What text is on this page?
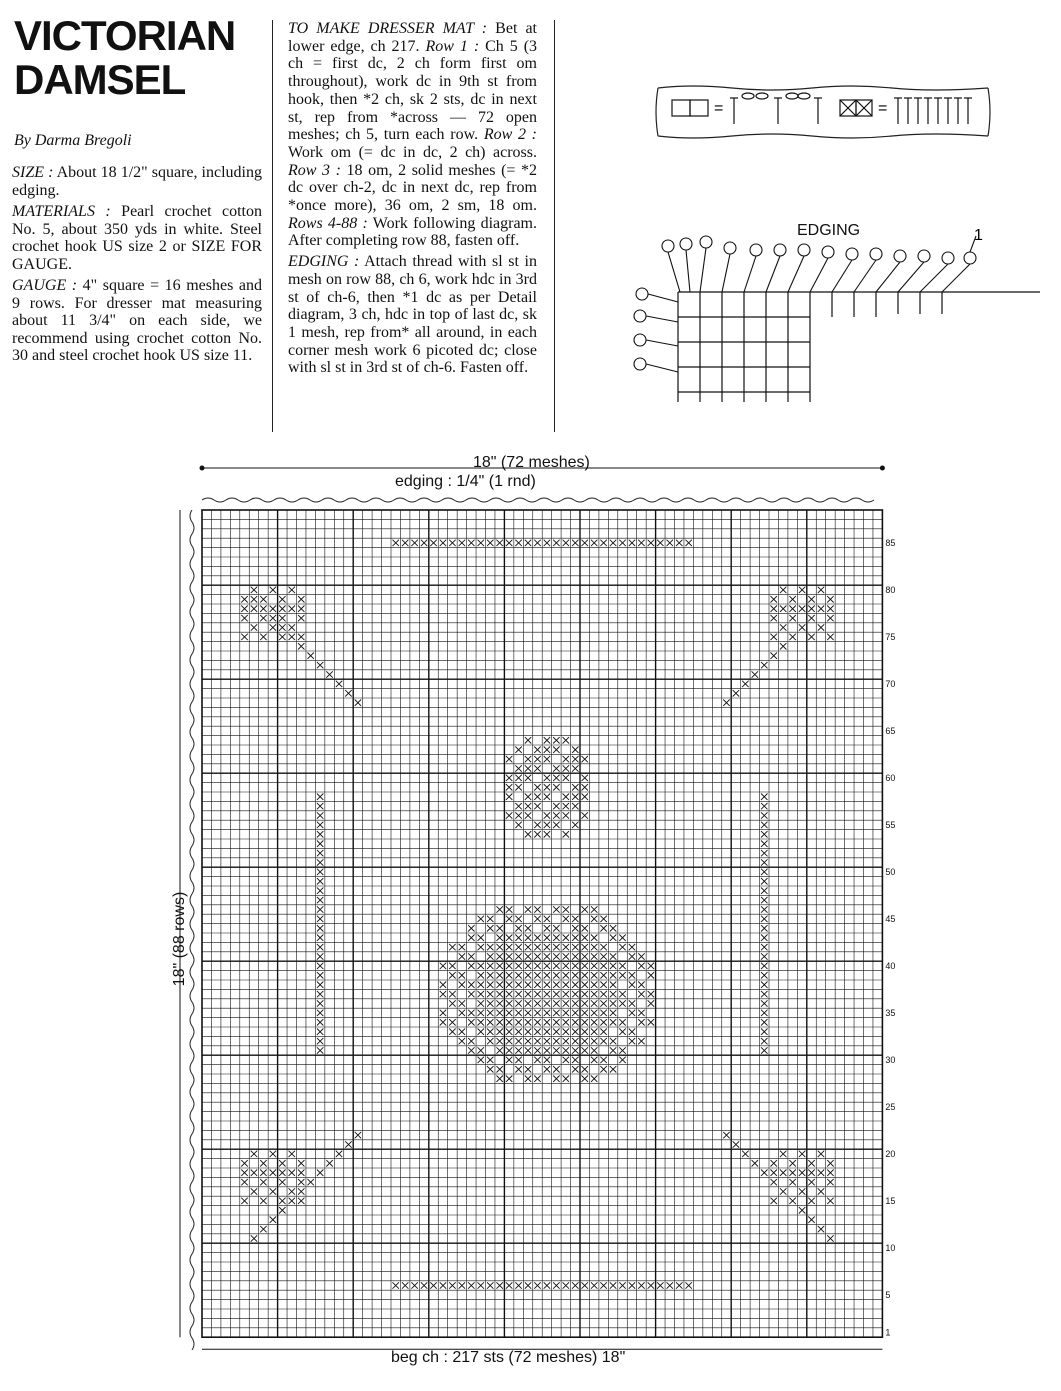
VICTORIAN
DAMSEL
By Darma Bregoli

SIZE : About 18 1/2" square, including edging.

MATERIALS : Pearl crochet cotton No. 5, about 350 yds in white. Steel crochet hook US size 2 or SIZE FOR GAUGE.

GAUGE : 4" square = 16 meshes and 9 rows. For dresser mat measuring about 11 3/4" on each side, we recommend using crochet cotton No. 30 and steel crochet hook US size 11.

TO MAKE DRESSER MAT : Bet at lower edge, ch 217. Row 1 : Ch 5 (3 ch = first dc, 2 ch form first om throughout), work dc in 9th st from hook, then *2 ch, sk 2 sts, dc in next st, rep from *across — 72 open meshes; ch 5, turn each row. Row 2 : Work om (= dc in dc, 2 ch) across. Row 3 : 18 om, 2 solid meshes (= *2 dc over ch-2, dc in next dc, rep from *once more), 36 om, 2 sm, 18 om. Rows 4-88 : Work following diagram. After completing row 88, fasten off.

EDGING : Attach thread with sl st in mesh on row 88, ch 6, work hdc in 3rd st of ch-6, then *1 dc as per Detail diagram, 3 ch, hdc in top of last dc, sk 1 mesh, rep from* all around, in each corner mesh work 6 picoted dc; close with sl st in 3rd st of ch-6. Fasten off.

=	=
EDGING	1
18" (72 meshes)
edging : 1/4" (1 rnd)
beg ch : 217 sts (72 meshes) 18"
18" (88 rows)
1
5
10
15
20
25
30
35
40
45
50
55
60
65
70
75
80
85
